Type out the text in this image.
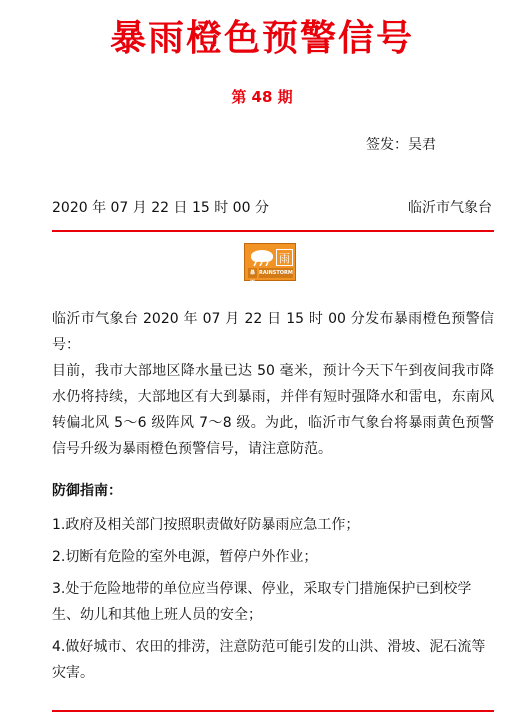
暴雨橙色预警信号
第 48 期
签发：吴君
2020 年 07 月 22 日 15 时 00 分	临沂市气象台
雨
暴雨橙色
RAINSTORM

临沂市气象台 2020 年 07 月 22 日 15 时 00 分发布暴雨橙色预警信号：

目前，我市大部地区降水量已达 50 毫米，预计今天下午到夜间我市降水仍将持续，大部地区有大到暴雨，并伴有短时强降水和雷电，东南风转偏北风 5～6 级阵风 7～8 级。为此，临沂市气象台将暴雨黄色预警信号升级为暴雨橙色预警信号，请注意防范。

防御指南：
1.政府及相关部门按照职责做好防暴雨应急工作；
2.切断有危险的室外电源，暂停户外作业；
3.处于危险地带的单位应当停课、停业，采取专门措施保护已到校学生、幼儿和其他上班人员的安全；
4.做好城市、农田的排涝，注意防范可能引发的山洪、滑坡、泥石流等灾害。
